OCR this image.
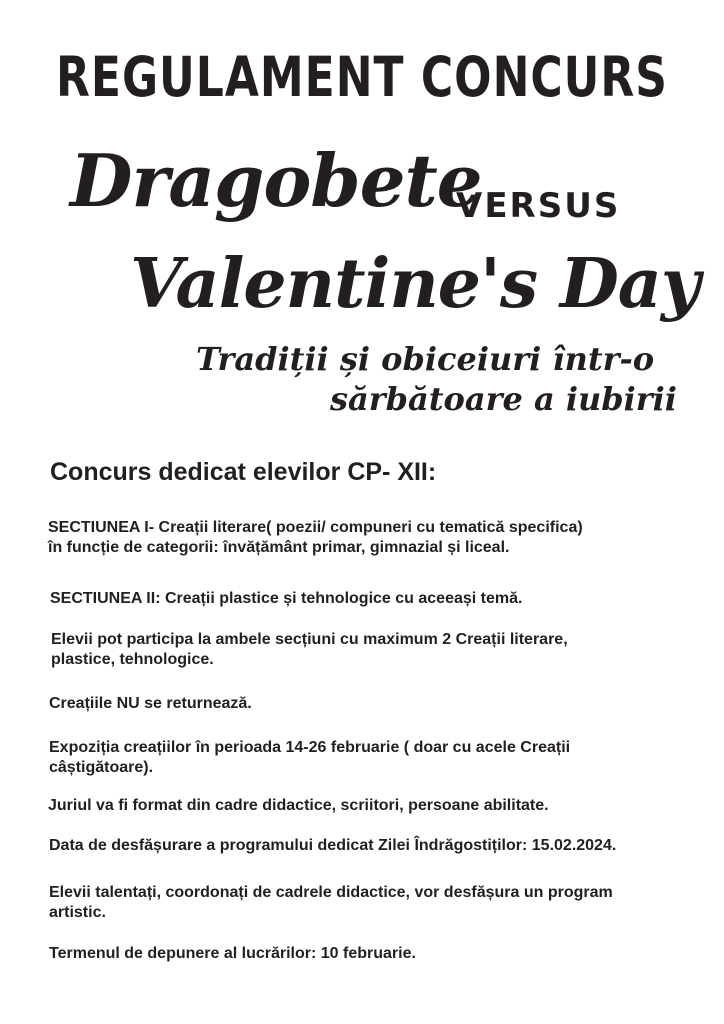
REGULAMENT CONCURS
Dragobete
VERSUS
Valentine's Day
Tradiții și obiceiuri într-o
sărbătoare a iubirii
Concurs dedicat elevilor CP- XII:
SECTIUNEA I- Creații literare( poezii/ compuneri cu tematică specifica)
în funcție de categorii: învățământ primar, gimnazial și liceal.
SECTIUNEA II: Creații plastice și tehnologice cu aceeași temă.
Elevii pot participa la ambele secțiuni cu maximum 2 Creații literare,
plastice, tehnologice.
Creațiile NU se returnează.
Expoziția creațiilor în perioada 14-26 februarie ( doar cu acele Creații
câștigătoare).
Juriul va fi format din cadre didactice, scriitori, persoane abilitate.
Data de desfășurare a programului dedicat Zilei Îndrăgostiților: 15.02.2024.
Elevii talentați, coordonați de cadrele didactice, vor desfășura un program
artistic.
Termenul de depunere al lucrărilor: 10 februarie.
